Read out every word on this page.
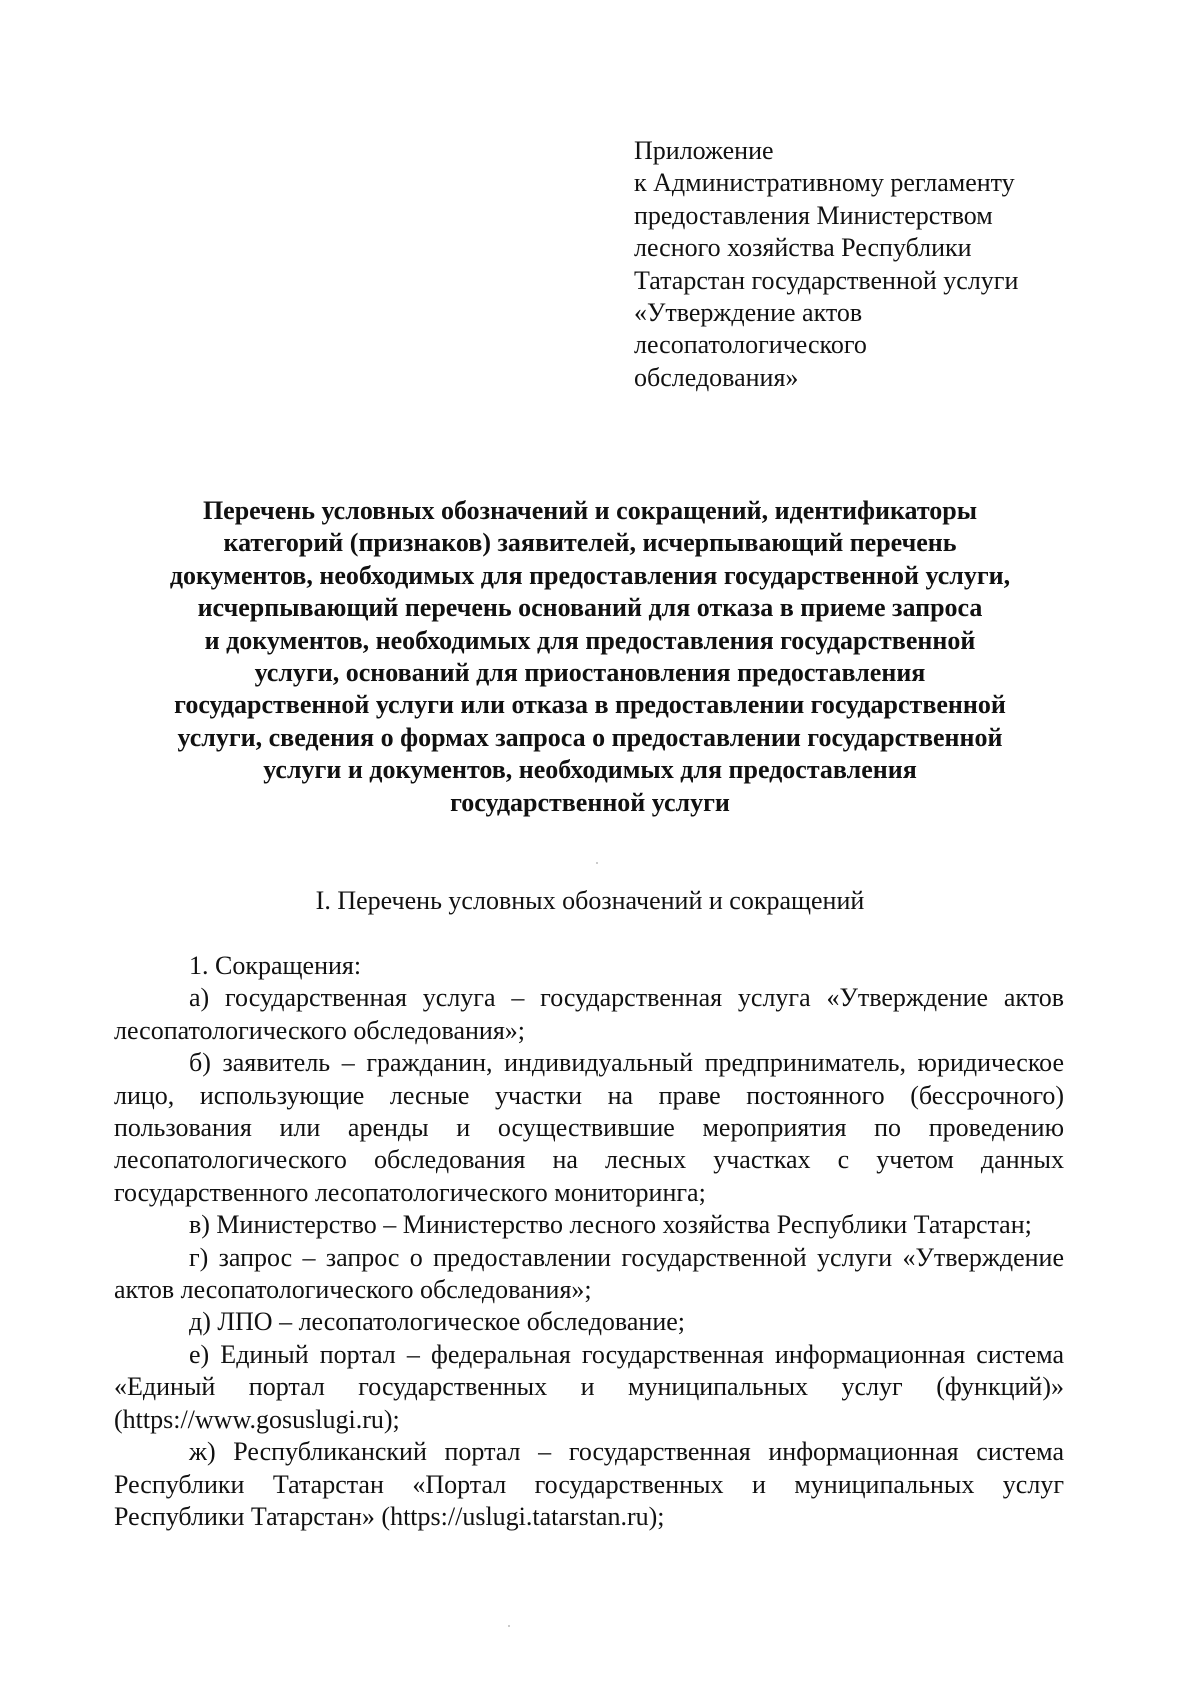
Приложение
к Административному регламенту
предоставления Министерством
лесного хозяйства Республики
Татарстан государственной услуги
«Утверждение актов
лесопатологического
обследования»
Перечень условных обозначений и сокращений, идентификаторы
категорий (признаков) заявителей, исчерпывающий перечень
документов, необходимых для предоставления государственной услуги,
исчерпывающий перечень оснований для отказа в приеме запроса
и документов, необходимых для предоставления государственной
услуги, оснований для приостановления предоставления
государственной услуги или отказа в предоставлении государственной
услуги, сведения о формах запроса о предоставлении государственной
услуги и документов, необходимых для предоставления
государственной услуги
I. Перечень условных обозначений и сокращений

1. Сокращения:

а) государственная услуга – государственная услуга «Утверждение актов лесопатологического обследования»;

б) заявитель – гражданин, индивидуальный предприниматель, юридическое лицо, использующие лесные участки на праве постоянного (бессрочного) пользования или аренды и осуществившие мероприятия по проведению лесопатологического обследования на лесных участках с учетом данных государственного лесопатологического мониторинга;

в) Министерство – Министерство лесного хозяйства Республики Татарстан;

г) запрос – запрос о предоставлении государственной услуги «Утверждение актов лесопатологического обследования»;

д) ЛПО – лесопатологическое обследование;

е) Единый портал – федеральная государственная информационная система «Единый портал государственных и муниципальных услуг (функций)» (https://www.gosuslugi.ru);

ж) Республиканский портал – государственная информационная система Республики Татарстан «Портал государственных и муниципальных услуг Республики Татарстан» (https://uslugi.tatarstan.ru);
